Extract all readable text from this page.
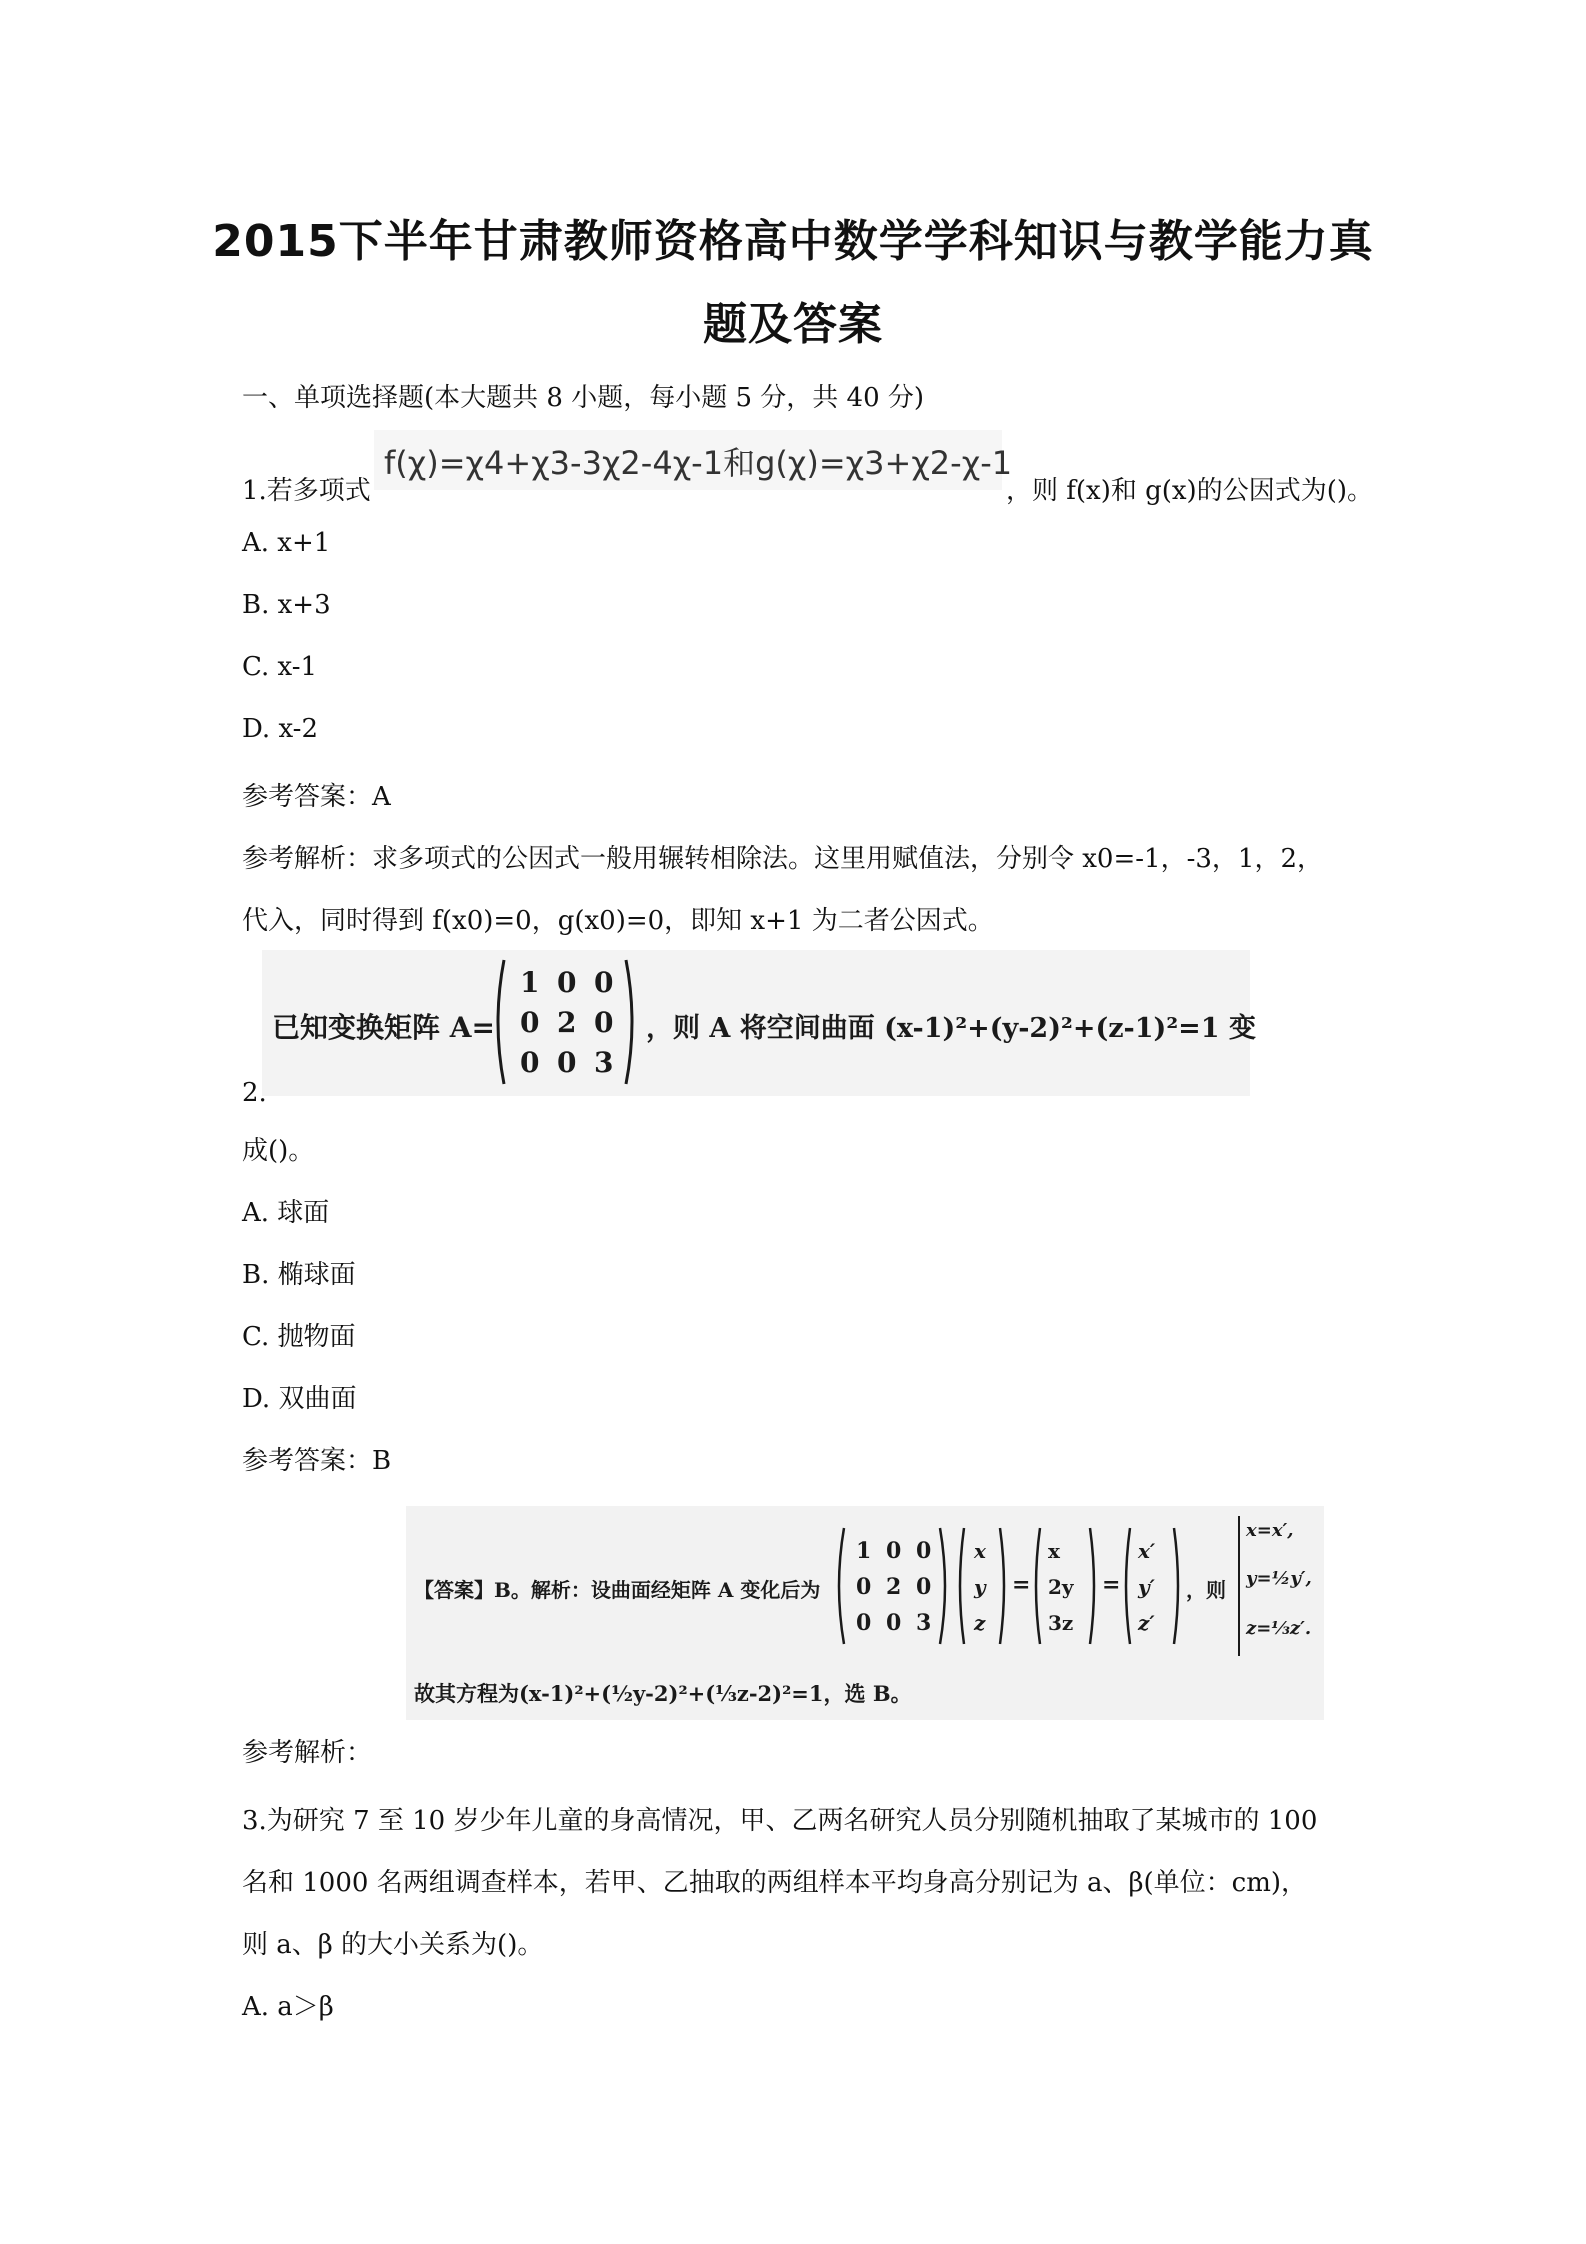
2015下半年甘肃教师资格高中数学学科知识与教学能力真
题及答案
一、单项选择题(本大题共 8 小题，每小题 5 分，共 40 分)
1.若多项式
f(χ)=χ4+χ3-3χ2-4χ-1和g(χ)=χ3+χ2-χ-1
，则 f(x)和 g(x)的公因式为()。
A. x+1
B. x+3
C. x-1
D. x-2
参考答案：A
参考解析：求多项式的公因式一般用辗转相除法。这里用赋值法，分别令 x0=-1，-3，1，2，
代入，同时得到 f(x0)=0，g(x0)=0，即知 x+1 为二者公因式。
已知变换矩阵 A=
1 0 0
0 2 0
0 0 3
，则 A 将空间曲面 (x-1)²+(y-2)²+(z-1)²=1 变
2.
成()。
A. 球面
B. 椭球面
C. 抛物面
D. 双曲面
参考答案：B
【答案】B。解析：设曲面经矩阵 A 变化后为
1 0 0
0 2 0
0 0 3
x
y
z
=
x
2y
3z
=
x′
y′
z′
，则
x=x′,
y=½y′,
z=⅓z′.
故其方程为(x-1)²+(½y-2)²+(⅓z-2)²=1，选 B。
参考解析：
3.为研究 7 至 10 岁少年儿童的身高情况，甲、乙两名研究人员分别随机抽取了某城市的 100
名和 1000 名两组调查样本，若甲、乙抽取的两组样本平均身高分别记为 a、β(单位：cm)，
则 a、β 的大小关系为()。
A. a＞β
